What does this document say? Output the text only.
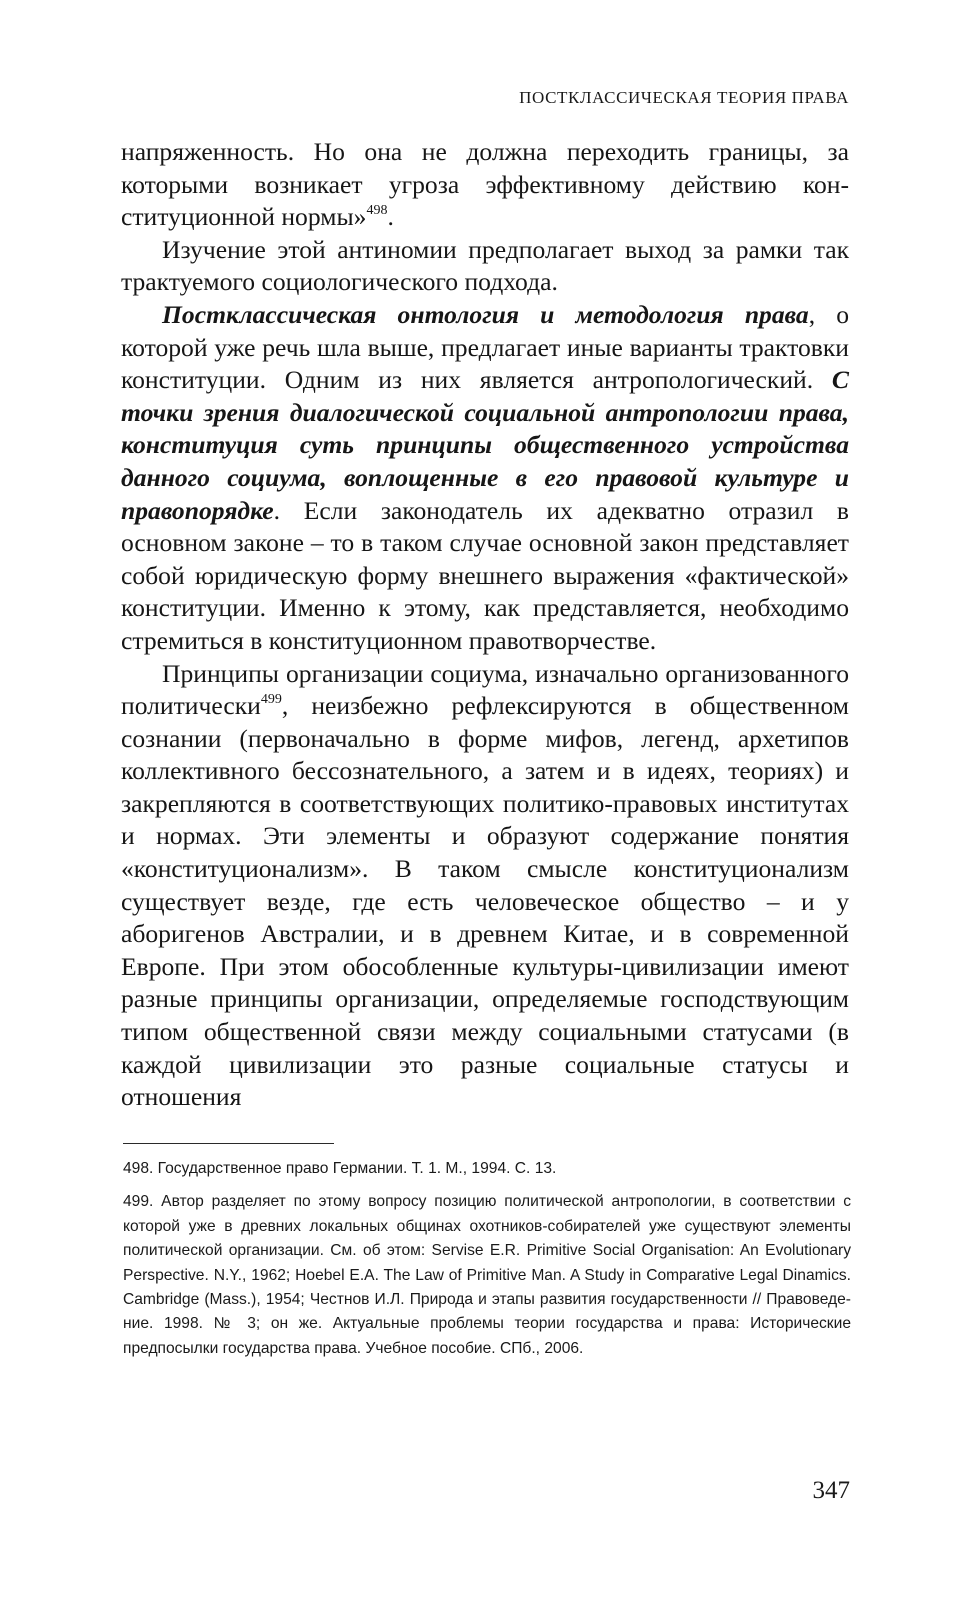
ПОСТКЛАССИЧЕСКАЯ ТЕОРИЯ ПРАВА

напряженность. Но она не должна переходить границы, за которыми возникает угроза эффективному действию конституционной нормы»$^{498}$.

Изучение этой антиномии предполагает выход за рамки так трактуемого социологического подхода.

Постклассическая онтология и методология права, о которой уже речь шла выше, предлагает иные варианты трактовки конституции. Одним из них является антропологический. С точки зрения диалогической социальной антропологии права, конституция суть принципы общественного устройства данного социума, воплощенные в его правовой культуре и правопорядке. Если законодатель их адекватно отразил в основном законе – то в таком случае основной закон представляет собой юридическую форму внешнего выражения «фактической» конституции. Именно к этому, как представляется, необходимо стремиться в конституционном правотворчестве.

Принципы организации социума, изначально организованного политически$^{499}$, неизбежно рефлексируются в общественном сознании (первоначально в форме мифов, легенд, архетипов коллективного бессознательного, а затем и в идеях, теориях) и закрепляются в соответствующих политико-правовых институтах и нормах. Эти элементы и образуют содержание понятия «конституционализм». В таком смысле конституционализм существует везде, где есть человеческое общество – и у аборигенов Австралии, и в древнем Китае, и в современной Европе. При этом обособленные культуры-цивилизации имеют разные принципы организации, определяемые господствующим типом общественной связи между социальными статусами (в каждой цивилизации это разные социальные статусы и отношения

498. Государственное право Германии. Т. 1. М., 1994. С. 13.

499. Автор разделяет по этому вопросу позицию политической антропологии, в соответствии с которой уже в древних локальных общинах охотников-собирателей уже существуют элементы политической организации. См. об этом: Servise E.R. Primitive Social Organisation: An Evolutionary Perspective. N.Y., 1962; Hoebel E.A. The Law of Primitive Man. A Study in Comparative Legal Dinamics. Cambridge (Mass.), 1954; Честнов И.Л. Природа и этапы развития государственности // Правоведение. 1998. № 3; он же. Актуальные проблемы теории государства и права: Исторические предпосылки государства права. Учебное пособие. СПб., 2006.

347
